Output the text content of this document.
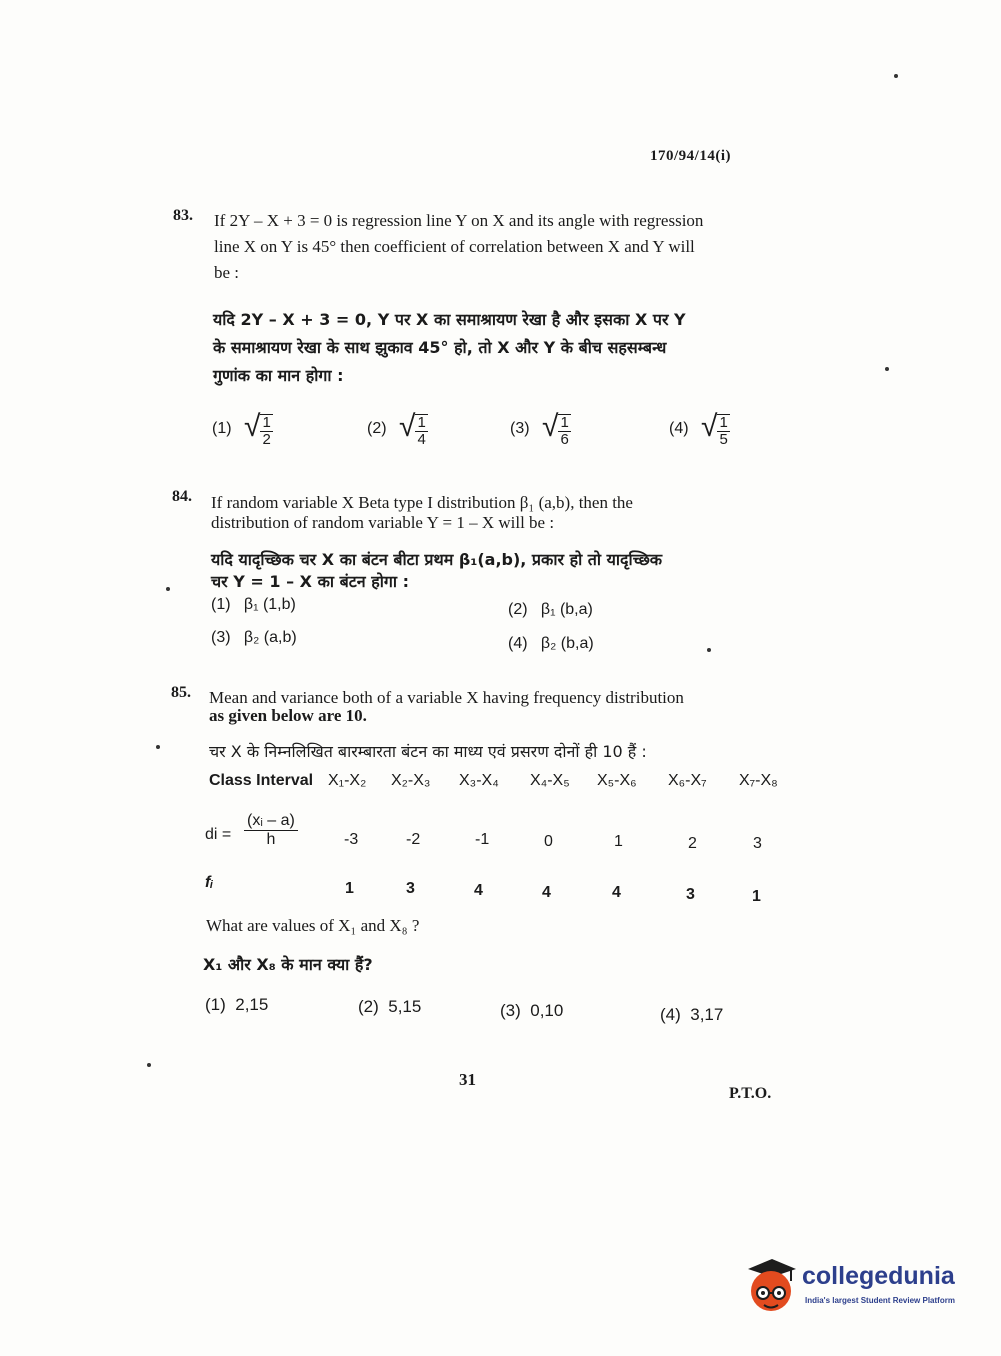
170/94/14(i)
83. If 2Y – X + 3 = 0 is regression line Y on X and its angle with regression
line X on Y is 45° then coefficient of correlation between X and Y will
be :
यदि 2Y – X + 3 = 0, Y पर X का समाश्रायण रेखा है और इसका X पर Y
के समाश्रायण रेखा के साथ झुकाव 45° हो, तो X और Y के बीच सहसम्बन्ध
गुणांक का मान होगा :
(1) √ $\frac{1}{2}$	(2) √ $\frac{1}{4}$	(3) √ $\frac{1}{6}$	(4) √ $\frac{1}{5}$
84. If random variable X Beta type I distribution β₁ (a,b), then the
distribution of random variable Y = 1 – X will be :
यदि यादृच्छिक चर X का बंटन बीटा प्रथम β₁(a,b), प्रकार हो तो यादृच्छिक
चर Y = 1 – X का बंटन होगा :
(1) β₁ (1,b)	(2) β₁ (b,a)
(3) β₂ (a,b)	(4) β₂ (b,a)
85. Mean and variance both of a variable X having frequency distribution
as given below are 10.
चर X के निम्नलिखित बारम्बारता बंटन का माध्य एवं प्रसरण दोनों ही 10 हैं :
Class Interval X₁-X₂ X₂-X₃ X₃-X₄ X₄-X₅ X₅-X₆ X₆-X₇ X₇-X₈
di =
(xᵢ – a)
h	-3	-2	-1	0	1	2	3
fᵢ	1	3	4	4	4	3	1
What are values of X₁ and X₈ ?
X₁ और X₈ के मान क्या हैं?
(1) 2,15	(2) 5,15	(3) 0,10	(4) 3,17
31
P.T.O.
collegedunia
India's largest Student Review Platform
